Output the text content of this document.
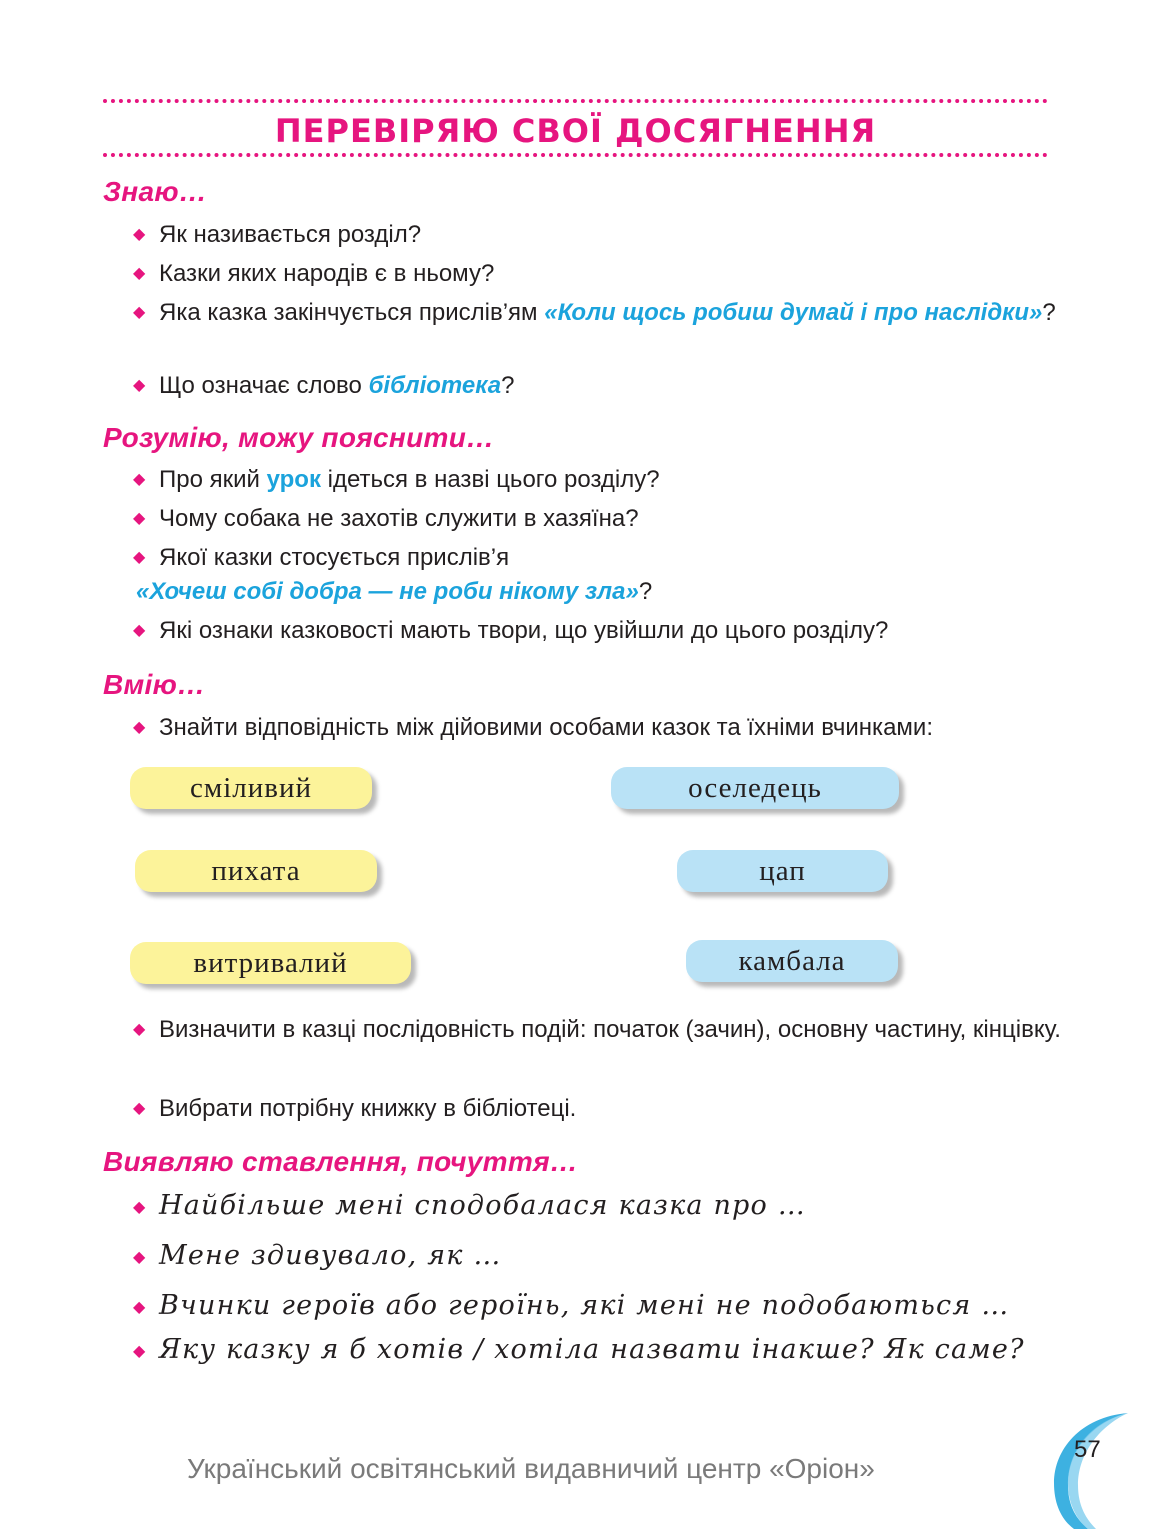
ПЕРЕВІРЯЮ СВОЇ ДОСЯГНЕННЯ
Знаю…
◆ Як називається розділ?
◆ Казки яких народів є в ньому?
◆ Яка казка закінчується прислів’ям «Коли щось робиш думай і про наслідки»?
◆ Що означає слово бібліотека?
Розумію, можу пояснити…
◆ Про який урок ідеться в назві цього розділу?
◆ Чому собака не захотів служити в хазяїна?
◆ Якої казки стосується прислів’я
«Хочеш собі добра — не роби нікому зла»?
◆ Які ознаки казковості мають твори, що увійшли до цього розділу?
Вмію…
◆ Знайти відповідність між дійовими особами казок та їхніми вчинками:
сміливий
пихата
витривалий
оселедець
цап
камбала
◆ Визначити в казці послідовність подій: початок (зачин), основну частину, кінцівку.
◆ Вибрати потрібну книжку в бібліотеці.
Виявляю ставлення, почуття…
◆ Найбільше мені сподобалася казка про …
◆ Мене здивувало, як …
◆ Вчинки героїв або героїнь, які мені не подобаються …
◆ Яку казку я б хотів / хотіла назвати інакше? Як саме?
Український освітянський видавничий центр «Оріон»
57
